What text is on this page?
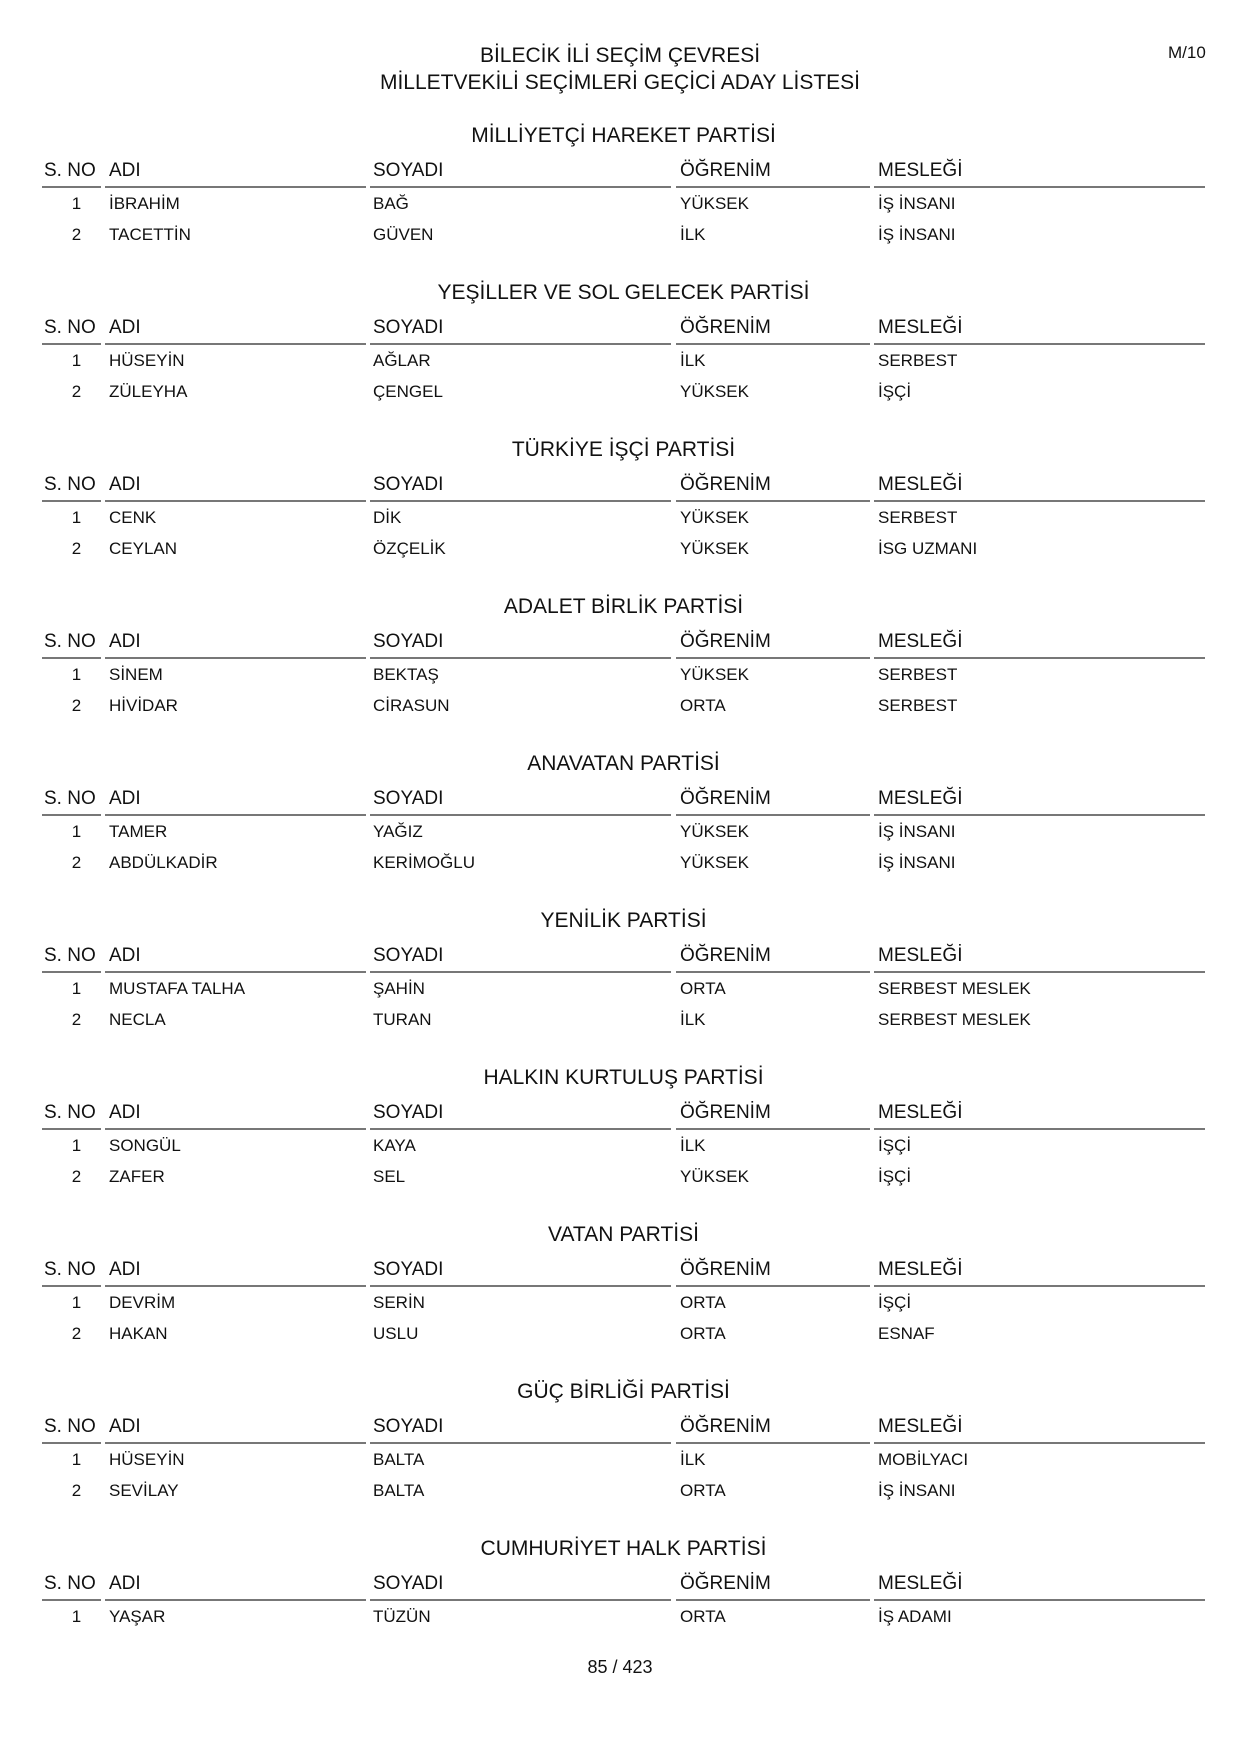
M/10
BİLECİK İLİ SEÇİM ÇEVRESİ
MİLLETVEKİLİ SEÇİMLERİ GEÇİCİ ADAY LİSTESİ
MİLLİYETÇİ HAREKET PARTİSİ
S. NO ADI	SOYADI	ÖĞRENİM	MESLEĞİ
1	İBRAHİM	BAĞ	YÜKSEK	İŞ İNSANI
2	TACETTİN	GÜVEN	İLK	İŞ İNSANI
YEŞİLLER VE SOL GELECEK PARTİSİ
S. NO ADI	SOYADI	ÖĞRENİM	MESLEĞİ
1	HÜSEYİN	AĞLAR	İLK	SERBEST
2	ZÜLEYHA	ÇENGEL	YÜKSEK	İŞÇİ
TÜRKİYE İŞÇİ PARTİSİ
S. NO ADI	SOYADI	ÖĞRENİM	MESLEĞİ
1	CENK	DİK	YÜKSEK	SERBEST
2	CEYLAN	ÖZÇELİK	YÜKSEK	İSG UZMANI
ADALET BİRLİK PARTİSİ
S. NO ADI	SOYADI	ÖĞRENİM	MESLEĞİ
1	SİNEM	BEKTAŞ	YÜKSEK	SERBEST
2	HİVİDAR	CİRASUN	ORTA	SERBEST
ANAVATAN PARTİSİ
S. NO ADI	SOYADI	ÖĞRENİM	MESLEĞİ
1	TAMER	YAĞIZ	YÜKSEK	İŞ İNSANI
2	ABDÜLKADİR	KERİMOĞLU	YÜKSEK	İŞ İNSANI
YENİLİK PARTİSİ
S. NO ADI	SOYADI	ÖĞRENİM	MESLEĞİ
1	MUSTAFA TALHA	ŞAHİN	ORTA	SERBEST MESLEK
2	NECLA	TURAN	İLK	SERBEST MESLEK
HALKIN KURTULUŞ PARTİSİ
S. NO ADI	SOYADI	ÖĞRENİM	MESLEĞİ
1	SONGÜL	KAYA	İLK	İŞÇİ
2	ZAFER	SEL	YÜKSEK	İŞÇİ
VATAN PARTİSİ
S. NO ADI	SOYADI	ÖĞRENİM	MESLEĞİ
1	DEVRİM	SERİN	ORTA	İŞÇİ
2	HAKAN	USLU	ORTA	ESNAF
GÜÇ BİRLİĞİ PARTİSİ
S. NO ADI	SOYADI	ÖĞRENİM	MESLEĞİ
1	HÜSEYİN	BALTA	İLK	MOBİLYACI
2	SEVİLAY	BALTA	ORTA	İŞ İNSANI
CUMHURİYET HALK PARTİSİ
S. NO ADI	SOYADI	ÖĞRENİM	MESLEĞİ
1	YAŞAR	TÜZÜN	ORTA	İŞ ADAMI
85 / 423
